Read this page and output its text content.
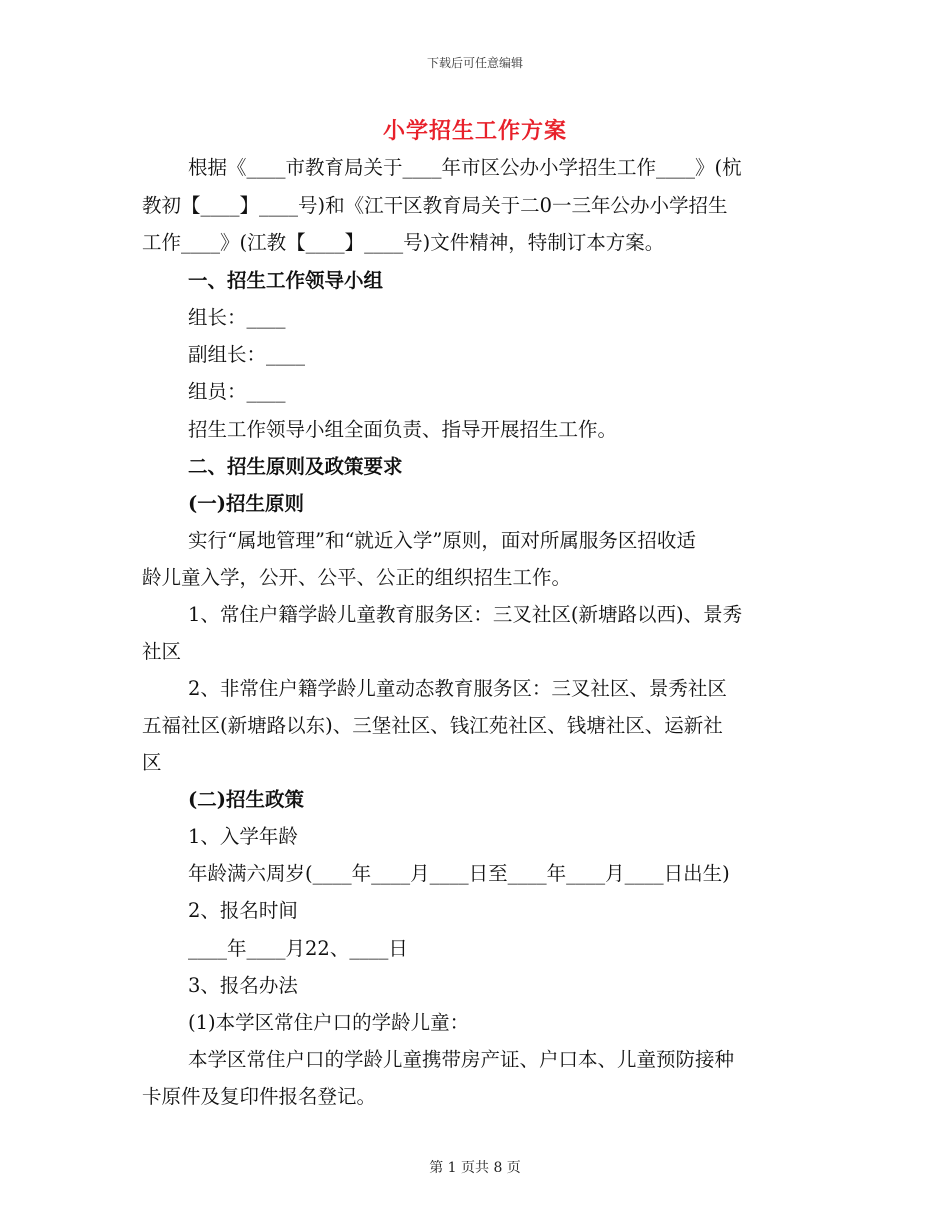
下载后可任意编辑
小学招生工作方案
根据《____市教育局关于____年市区公办小学招生工作____》(杭
教初【____】____号)和《江干区教育局关于二0一三年公办小学招生
工作____》(江教【____】____号)文件精神，特制订本方案。
一、招生工作领导小组
组长：____
副组长：____
组员：____
招生工作领导小组全面负责、指导开展招生工作。
二、招生原则及政策要求
(一)招生原则
实行“属地管理”和“就近入学”原则，面对所属服务区招收适
龄儿童入学，公开、公平、公正的组织招生工作。
1、常住户籍学龄儿童教育服务区：三叉社区(新塘路以西)、景秀
社区
2、非常住户籍学龄儿童动态教育服务区：三叉社区、景秀社区
五福社区(新塘路以东)、三堡社区、钱江苑社区、钱塘社区、运新社
区
(二)招生政策
1、入学年龄
年龄满六周岁(____年____月____日至____年____月____日出生)
2、报名时间
____年____月22、____日
3、报名办法
(1)本学区常住户口的学龄儿童：
本学区常住户口的学龄儿童携带房产证、户口本、儿童预防接种
卡原件及复印件报名登记。
第 1 页共 8 页
